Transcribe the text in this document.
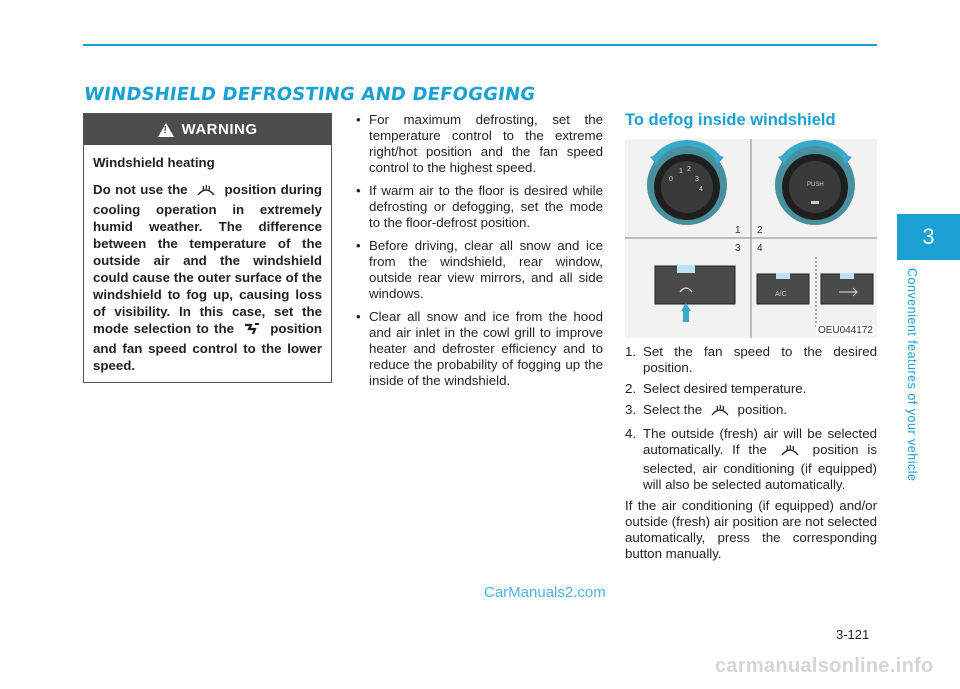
WINDSHIELD DEFROSTING AND DEFOGGING
!
WARNING

Windshield heating

Do not use the	position during cooling operation in extremely humid weather. The difference between the temperature of the outside air and the windshield could cause the outer surface of the windshield to fog up, causing loss of visibility. In this case, set the mode selection to the	position and fan speed control to the lower speed.

• For maximum defrosting, set the temperature control to the extreme right/hot position and the fan speed control to the highest speed.
• If warm air to the floor is desired while defrosting or defogging, set the mode to the floor-defrost position.
• Before driving, clear all snow and ice from the windshield, rear window, outside rear view mirrors, and all side windows.
• Clear all snow and ice from the hood and air inlet in the cowl grill to improve heater and defroster efficiency and to reduce the probability of fogging up the inside of the windshield.
To defog inside windshield
0
1 2
3
4
PUSH
1 2
3 4
A/C
OEU044172
1. Set the fan speed to the desired position.
2. Select desired temperature.
3. Select the	position.
4. The outside (fresh) air will be selected automatically. If the	position is selected, air conditioning (if equipped) will also be selected automatically.

If the air conditioning (if equipped) and/or outside (fresh) air position are not selected automatically, press the corresponding button manually.

3
Convenient features of your vehicle
3-121
CarManuals2.com
carmanualsonline.info
